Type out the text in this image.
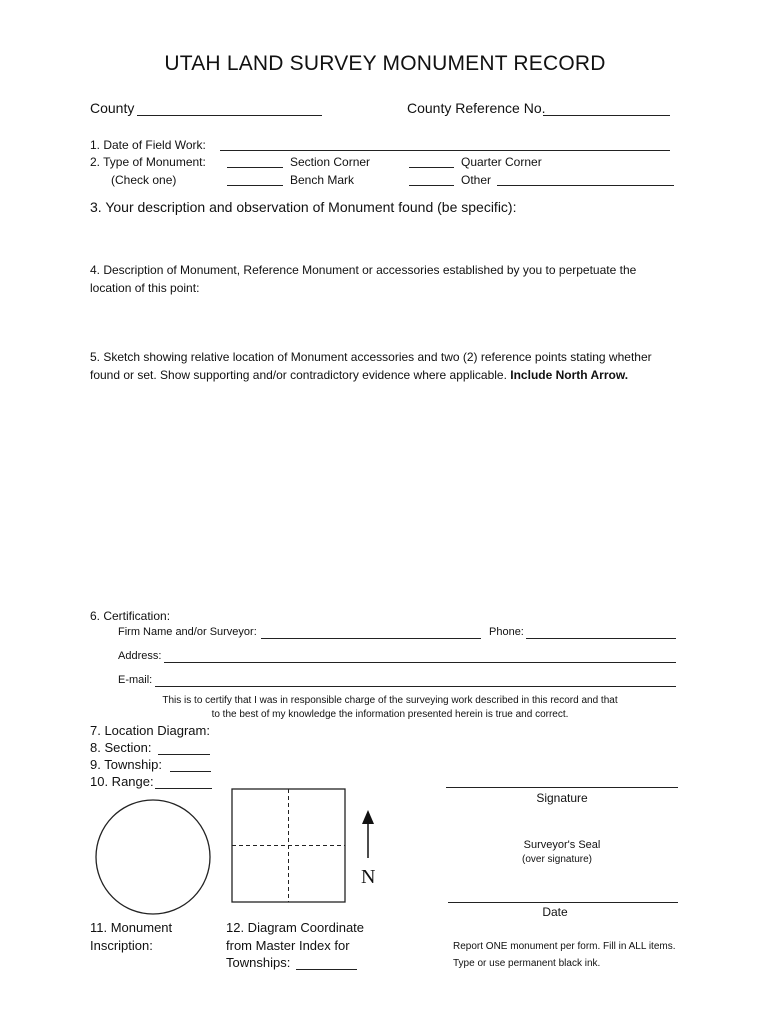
UTAH LAND SURVEY MONUMENT RECORD
County	County Reference No.
1. Date of Field Work:
2. Type of Monument:
(Check one)
Section Corner	Quarter Corner
Bench Mark	Other
3. Your description and observation of Monument found (be specific):
4. Description of Monument, Reference Monument or accessories established by you to perpetuate the
location of this point:
5. Sketch showing relative location of Monument accessories and two (2) reference points stating whether
found or set. Show supporting and/or contradictory evidence where applicable. Include North Arrow.
6. Certification:
Firm Name and/or Surveyor:	Phone:
Address:
E-mail:
This is to certify that I was in responsible charge of the surveying work described in this record and that
to the best of my knowledge the information presented herein is true and correct.
7. Location Diagram:
8. Section:
9. Township:
10. Range:
N
11. Monument
Inscription:
12. Diagram Coordinate
from Master Index for
Townships:
Signature
Surveyor's Seal
(over signature)
Date
Report ONE monument per form. Fill in ALL items.
Type or use permanent black ink.
